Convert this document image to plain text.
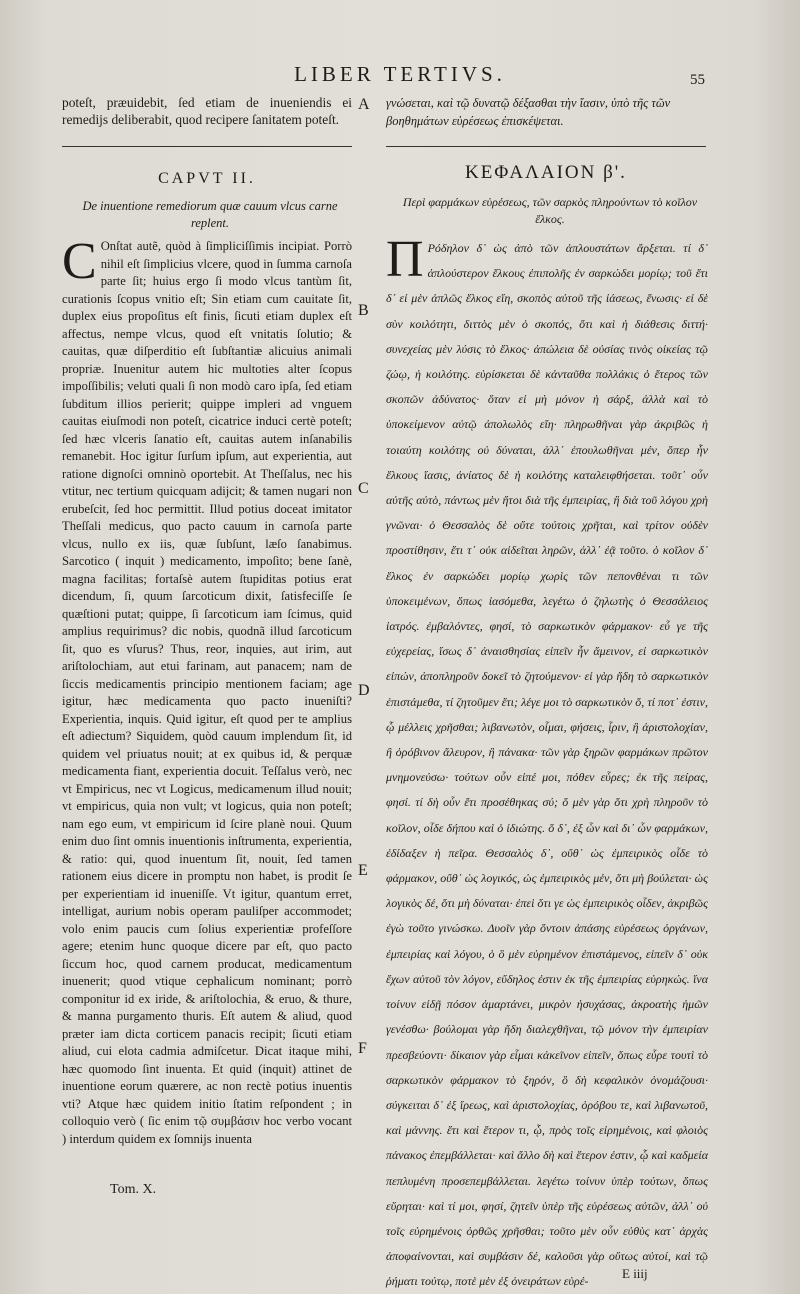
LIBER TERTIVS.	55
poteſt, præuidebit, ſed etiam de inueniendis ei remedijs deliberabit, quod recipere ſanitatem poteſt.
γνώσεται, καὶ τῷ δυνατῷ δέξασθαι τὴν ἴασιν, ὑπὸ τῆς τῶν βοηθημάτων εὑρέσεως ἐπισκέψεται.
A
B
C
D
E
F
CAPVT II.	ΚΕΦΑΛΑΙΟΝ β'.
De inuentione remediorum quæ cauum vlcus carne replent.
Περὶ φαρμάκων εὑρέσεως, τῶν σαρκὸς πληρούντων τὸ κοῖλον ἕλκος.
C Onſtat autẽ, quòd à ſimpliciſſimis incipiat. Porrò nihil eſt ſimplicius vlcere, quod in ſumma carnoſa parte ſit; huius ergo ſi modo vlcus tantùm ſit, curationis ſcopus vnitio eſt; Sin etiam cum cauitate ſit, duplex eius propoſitus eſt finis, ſicuti etiam duplex eſt affectus, nempe vlcus, quod eſt vnitatis ſolutio; & cauitas, quæ diſperditio eſt ſubſtantiæ alicuius animali propriæ. Inuenitur autem hic multoties alter ſcopus impoſſibilis; veluti quali ſi non modò caro ipſa, ſed etiam ſubditum illios perierit; quippe impleri ad vnguem cauitas eiuſmodi non poteſt, cicatrice induci certè poteſt; ſed hæc vlceris ſanatio eſt, cauitas autem inſanabilis remanebit. Hoc igitur ſurſum ipſum, aut experientia, aut ratione dignoſci omninò oportebit. At Theſſalus, nec his vtitur, nec tertium quicquam adijcit; & tamen nugari non erubeſcit, ſed hoc permittit. Illud potius doceat imitator Theſſali medicus, quo pacto cauum in carnoſa parte vlcus, nullo ex iis, quæ ſubſunt, læſo ſanabimus. Sarcotico ( inquit ) medicamento, impoſito; bene ſanè, magna facilitas; fortaſsè autem ſtupiditas potius erat dicendum, ſi, quum ſarcoticum dixit, ſatisfeciſſe ſe quæſtioni putat; quippe, ſi ſarcoticum iam ſcimus, quid amplius requirimus? dic nobis, quodnã illud ſarcoticum ſit, quo es vſurus? Thus, reor, inquies, aut irim, aut ariſtolochiam, aut etui farinam, aut panacem; nam de ſiccis medicamentis principio mentionem faciam; age igitur, hæc medicamenta quo pacto inueniſti? Experientia, inquis. Quid igitur, eſt quod per te amplius eſt adiectum? Siquidem, quòd cauum implendum ſit, id quidem vel priuatus nouit; at ex quibus id, & perquæ medicamenta fiant, experientia docuit. Teſſalus verò, nec vt Empiricus, nec vt Logicus, medicamenum illud nouit; vt empiricus, quia non vult; vt logicus, quia non poteſt; nam ego eum, vt empiricum id ſcire planè noui. Quum enim duo ſint omnis inuentionis inſtrumenta, experientia, & ratio: qui, quod inuentum ſit, nouit, ſed tamen rationem eius dicere in promptu non habet, is prodit ſe per experientiam id inueniſſe. Vt igitur, quantum erret, intelligat, aurium nobis operam pauliſper accommodet; volo enim paucis cum ſolius experientiæ profeſſore agere; etenim hunc quoque dicere par eſt, quo pacto ſiccum hoc, quod carnem producat, medicamentum inuenerit; quod vtique cephalicum nominant; porrò componitur id ex iride, & ariſtolochia, & eruo, & thure, & manna purgamento thuris. Eſt autem & aliud, quod præter iam dicta corticem panacis recipit; ſicuti etiam aliud, cui elota cadmia admiſcetur. Dicat itaque mihi, hæc quomodo ſint inuenta. Et quid (inquit) attinet de inuentione eorum quærere, ac non rectè potius inuentis vti? Atque hæc quidem initio ſtatim reſpondent ; in colloquio verò ( ſic enim τῷ συμβάσιν hoc verbo vocant ) interdum quidem ex ſomnijs inuenta
Π Ρόδηλον δ᾽ ὡς ἀπὸ τῶν ἁπλουστάτων ἄρξεται. τί δ᾽ ἁπλούστερον ἕλκους ἐπιπολῆς ἐν σαρκώδει μορίῳ; τοῦ ἔτι δ᾽ εἰ μὲν ἁπλῶς ἕλκος εἴη, σκοπὸς αὐτοῦ τῆς ἰάσεως, ἕνωσις· εἰ δὲ σὺν κοιλότητι, διττὸς μὲν ὁ σκοπός, ὅτι καὶ ἡ διάθεσις διττή· συνεχείας μὲν λύσις τὸ ἕλκος· ἀπώλεια δὲ οὐσίας τινὸς οἰκείας τῷ ζώῳ, ἡ κοιλότης. εὑρίσκεται δὲ κἀνταῦθα πολλάκις ὁ ἕτερος τῶν σκοπῶν ἀδύνατος· ὅταν εἰ μὴ μόνον ἡ σάρξ, ἀλλὰ καὶ τὸ ὑποκείμενον αὐτῷ ἀπολωλὸς εἴη· πληρωθῆναι γὰρ ἀκριβῶς ἡ τοιαύτη κοιλότης οὐ δύναται, ἀλλ᾽ ἐπουλωθῆναι μέν, ὅπερ ἦν ἕλκους ἴασις, ἀνίατος δὲ ἡ κοιλότης καταλειφθήσεται. τοῦτ᾽ οὖν αὐτῆς αὐτὸ, πάντως μὲν ἤτοι διὰ τῆς ἐμπειρίας, ἢ διὰ τοῦ λόγου χρὴ γνῶναι· ὁ Θεσσαλὸς δὲ οὔτε τούτοις χρῆται, καὶ τρίτον οὐδὲν προστίθησιν, ἔτι τ᾽ οὐκ αἰδεῖται ληρῶν, ἀλλ᾽ ἐᾷ τοῦτο. ὁ κοῖλον δ᾽ ἕλκος ἐν σαρκώδει μορίῳ χωρὶς τῶν πεπονθέναι τι τῶν ὑποκειμένων, ὅπως ἰασόμεθα, λεγέτω ὁ ζηλωτὴς ὁ Θεσσάλειος ἰατρός. ἐμβαλόντες, φησί, τὸ σαρκωτικὸν φάρμακον· εὖ γε τῆς εὐχερείας, ἴσως δ᾽ ἀναισθησίας εἰπεῖν ἦν ἄμεινον, εἰ σαρκωτικὸν εἰπών, ἀποπληροῦν δοκεῖ τὸ ζητούμενον· εἰ γὰρ ἤδη τὸ σαρκωτικὸν ἐπιστάμεθα, τί ζητοῦμεν ἔτι; λέγε μοι τὸ σαρκωτικὸν ὅ, τί ποτ᾽ ἐστιν, ᾧ μέλλεις χρῆσθαι; λιβανωτὸν, οἶμαι, φήσεις, ἶριν, ἢ ἀριστολοχίαν, ἢ ὀρόβινον ἄλευρον, ἢ πάνακα· τῶν γὰρ ξηρῶν φαρμάκων πρῶτον μνημονεύσω· τούτων οὖν εἰπέ μοι, πόθεν εὗρες; ἐκ τῆς πείρας, φησί. τί δὴ οὖν ἔτι προσέθηκας σύ; ὅ μὲν γὰρ ὅτι χρὴ πληροῦν τὸ κοῖλον, οἶδε δήπου καὶ ὁ ἰδιώτης. ὅ δ᾽, ἐξ ὧν καὶ δι᾽ ὧν φαρμάκων, ἐδίδαξεν ἡ πεῖρα. Θεσσαλὸς δ᾽, οὔθ᾽ ὡς ἐμπειρικὸς οἶδε τὸ φάρμακον, οὔθ᾽ ὡς λογικός, ὡς ἐμπειρικὸς μέν, ὅτι μὴ βούλεται· ὡς λογικὸς δέ, ὅτι μὴ δύναται· ἐπεὶ ὅτι γε ὡς ἐμπειρικὸς οἶδεν, ἀκριβῶς ἐγὼ τοῦτο γινώσκω. Δυοῖν γὰρ ὄντοιν ἁπάσης εὑρέσεως ὀργάνων, ἐμπειρίας καὶ λόγου, ὁ ὃ μὲν εὑρημένον ἐπιστάμενος, εἰπεῖν δ᾽ οὐκ ἔχων αὐτοῦ τὸν λόγον, εὔδηλος ἐστιν ἐκ τῆς ἐμπειρίας εὑρηκώς. ἵνα τοίνυν εἰδῇ πόσον ἁμαρτάνει, μικρὸν ἡσυχάσας, ἀκροατὴς ἡμῶν γενέσθω· βούλομαι γὰρ ἤδη διαλεχθῆναι, τῷ μόνον τὴν ἐμπειρίαν πρεσβεύοντι· δίκαιον γὰρ εἶμαι κἀκεῖνον εἰπεῖν, ὅπως εὗρε τουτὶ τὸ σαρκωτικὸν φάρμακον τὸ ξηρόν, ὃ δὴ κεφαλικὸν ὀνομάζουσι· σύγκειται δ᾽ ἐξ ἴρεως, καὶ ἀριστολοχίας, ὀρόβου τε, καὶ λιβανωτοῦ, καὶ μάννης. ἔτι καὶ ἕτερον τι, ᾧ, πρὸς τοῖς εἰρημένοις, καὶ φλοιὸς πάνακος ἐπεμβάλλεται· καὶ ἄλλο δὴ καὶ ἕτερον ἐστιν, ᾧ καὶ καδμεία πεπλυμένη προσεπεμβάλλεται. λεγέτω τοίνυν ὑπὲρ τούτων, ὅπως εὕρηται· καὶ τί μοι, φησί, ζητεῖν ὑπὲρ τῆς εὑρέσεως αὐτῶν, ἀλλ᾽ οὐ τοῖς εὑρημένοις ὀρθῶς χρῆσθαι; τοῦτο μὲν οὖν εὐθὺς κατ᾽ ἀρχὰς ἀποφαίνονται, καὶ συμβάσιν δέ, καλοῦσι γὰρ οὕτως αὐτοί, καὶ τῷ ῥήματι τούτῳ, ποτὲ μὲν ἐξ ὀνειράτων εὑρέ-
Tom. X.
E iiij
